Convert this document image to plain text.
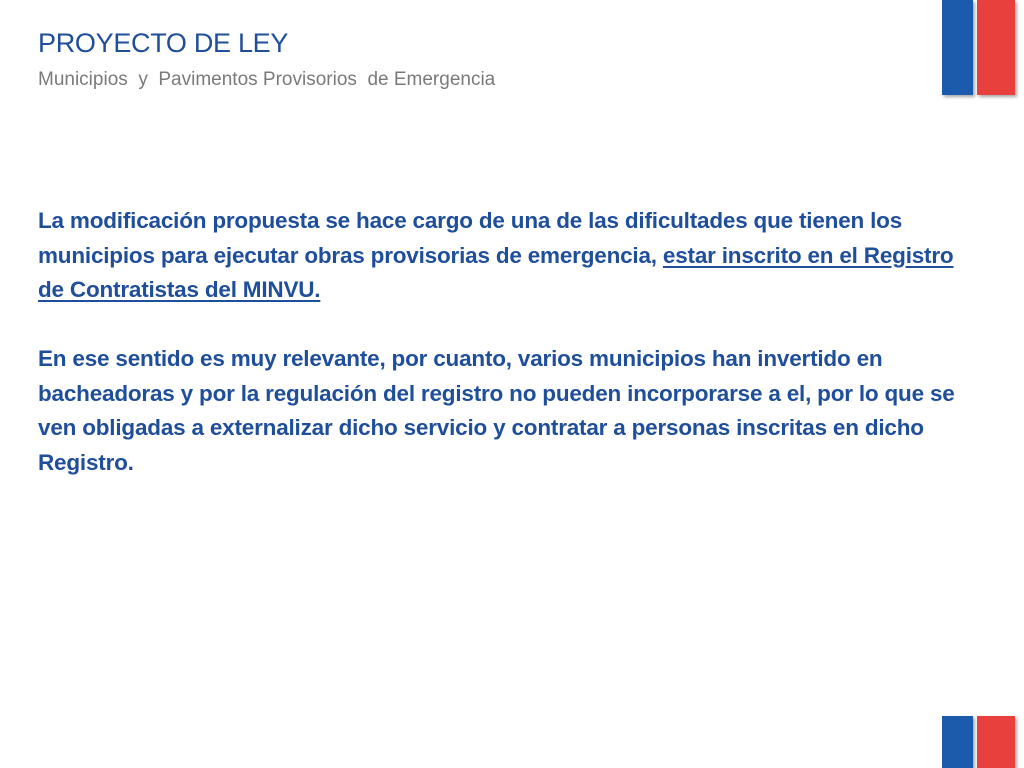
PROYECTO DE LEY
Municipios  y  Pavimentos Provisorios  de Emergencia

La modificación propuesta se hace cargo de una de las dificultades que tienen los municipios para ejecutar obras provisorias de emergencia, estar inscrito en el Registro de Contratistas del MINVU.

En ese sentido es muy relevante, por cuanto, varios municipios han invertido en bacheadoras y por la regulación del registro no pueden incorporarse a el, por lo que se ven obligadas a externalizar dicho servicio y contratar a personas inscritas en dicho Registro.
